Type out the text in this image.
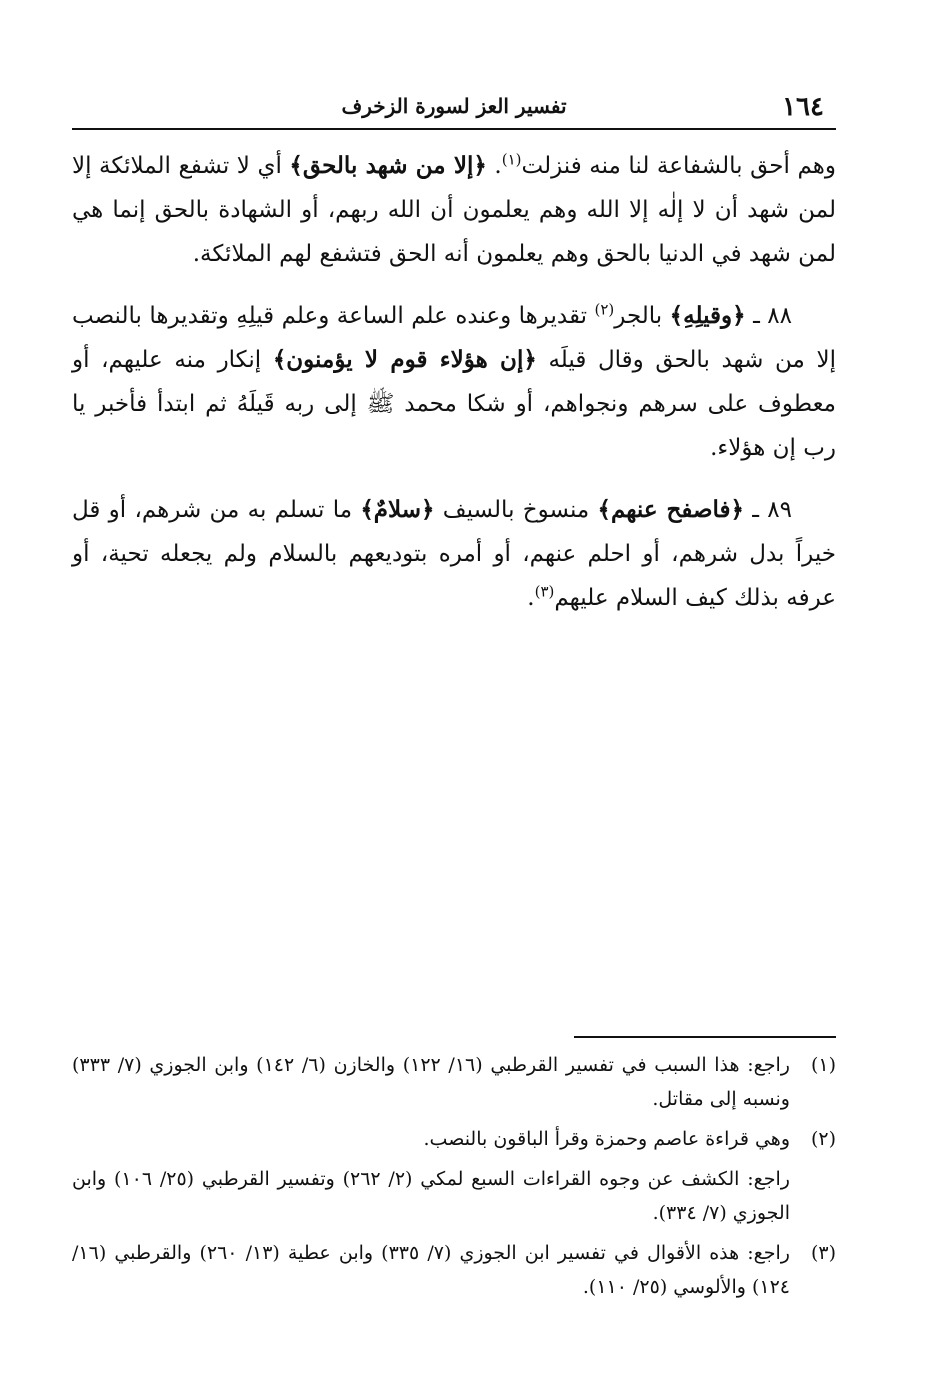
١٦٤
تفسير العز لسورة الزخرف

وهم أحق بالشفاعة لنا منه فنزلت$^{(١)}$. ﴿إلا من شهد بالحق﴾ أي لا تشفع الملائكة إلا لمن شهد أن لا إلٰه إلا الله وهم يعلمون أن الله ربهم، أو الشهادة بالحق إنما هي لمن شهد في الدنيا بالحق وهم يعلمون أنه الحق فتشفع لهم الملائكة.

٨٨ ـ ﴿وقيلِهِ﴾ بالجر$^{(٢)}$ تقديرها وعنده علم الساعة وعلم قيلِهِ وتقديرها بالنصب إلا من شهد بالحق وقال قيلَه ﴿إن هؤلاء قوم لا يؤمنون﴾ إنكار منه عليهم، أو معطوف على سرهم ونجواهم، أو شكا محمد ﷺ إلى ربه قَيلَهُ ثم ابتدأ فأخبر يا رب إن هؤلاء.

٨٩ ـ ﴿فاصفح عنهم﴾ منسوخ بالسيف ﴿سلامٌ﴾ ما تسلم به من شرهم، أو قل خيراً بدل شرهم، أو احلم عنهم، أو أمره بتوديعهم بالسلام ولم يجعله تحية، أو عرفه بذلك كيف السلام عليهم$^{(٣)}$.

(١)
راجع: هذا السبب في تفسير القرطبي (١٦/ ١٢٢) والخازن (٦/ ١٤٢) وابن الجوزي (٧/ ٣٣٣) ونسبه إلى مقاتل.
(٢)
وهي قراءة عاصم وحمزة وقرأ الباقون بالنصب.
راجع: الكشف عن وجوه القراءات السبع لمكي (٢/ ٢٦٢) وتفسير القرطبي (٢٥/ ١٠٦) وابن الجوزي (٧/ ٣٣٤).
(٣)
راجع: هذه الأقوال في تفسير ابن الجوزي (٧/ ٣٣٥) وابن عطية (١٣/ ٢٦٠) والقرطبي (١٦/ ١٢٤) والألوسي (٢٥/ ١١٠).
